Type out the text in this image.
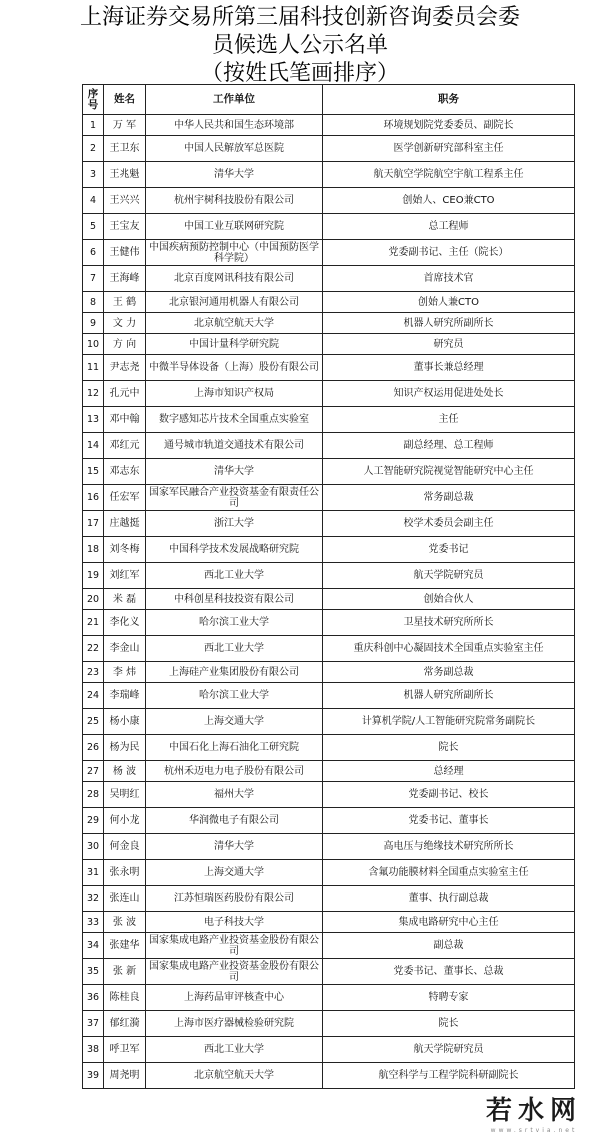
上海证券交易所第三届科技创新咨询委员会委
员候选人公示名单
（按姓氏笔画排序）
序号	姓名	工作单位	职务
1	万 军	中华人民共和国生态环境部	环境规划院党委委员、副院长
2	王卫东	中国人民解放军总医院	医学创新研究部科室主任
3	王兆魁	清华大学	航天航空学院航空宇航工程系主任
4	王兴兴	杭州宇树科技股份有限公司	创始人、CEO兼CTO
5	王宝友	中国工业互联网研究院	总工程师
6	王健伟	中国疾病预防控制中心（中国预防医学科学院）	党委副书记、主任（院长）
7	王海峰	北京百度网讯科技有限公司	首席技术官
8	王 鹤	北京银河通用机器人有限公司	创始人兼CTO
9	文 力	北京航空航天大学	机器人研究所副所长
10	方 向	中国计量科学研究院	研究员
11	尹志尧	中微半导体设备（上海）股份有限公司	董事长兼总经理
12	孔元中	上海市知识产权局	知识产权运用促进处处长
13	邓中翰	数字感知芯片技术全国重点实验室	主任
14	邓红元	通号城市轨道交通技术有限公司	副总经理、总工程师
15	邓志东	清华大学	人工智能研究院视觉智能研究中心主任
16	任宏军	国家军民融合产业投资基金有限责任公司	常务副总裁
17	庄越挺	浙江大学	校学术委员会副主任
18	刘冬梅	中国科学技术发展战略研究院	党委书记
19	刘红军	西北工业大学	航天学院研究员
20	米 磊	中科创星科技投资有限公司	创始合伙人
21	李化义	哈尔滨工业大学	卫星技术研究所所长
22	李金山	西北工业大学	重庆科创中心凝固技术全国重点实验室主任
23	李 炜	上海硅产业集团股份有限公司	常务副总裁
24	李瑞峰	哈尔滨工业大学	机器人研究所副所长
25	杨小康	上海交通大学	计算机学院/人工智能研究院常务副院长
26	杨为民	中国石化上海石油化工研究院	院长
27	杨 波	杭州禾迈电力电子股份有限公司	总经理
28	吴明红	福州大学	党委副书记、校长
29	何小龙	华润微电子有限公司	党委书记、董事长
30	何金良	清华大学	高电压与绝缘技术研究所所长
31	张永明	上海交通大学	含氟功能膜材料全国重点实验室主任
32	张连山	江苏恒瑞医药股份有限公司	董事、执行副总裁
33	张 波	电子科技大学	集成电路研究中心主任
34	张建华	国家集成电路产业投资基金股份有限公司	副总裁
35	张 新	国家集成电路产业投资基金股份有限公司	党委书记、董事长、总裁
36	陈桂良	上海药品审评核查中心	特聘专家
37	郁红漪	上海市医疗器械检验研究院	院长
38	呼卫军	西北工业大学	航天学院研究员
39	周尧明	北京航空航天大学	航空科学与工程学院科研副院长
若水网
www.srtvia.net
